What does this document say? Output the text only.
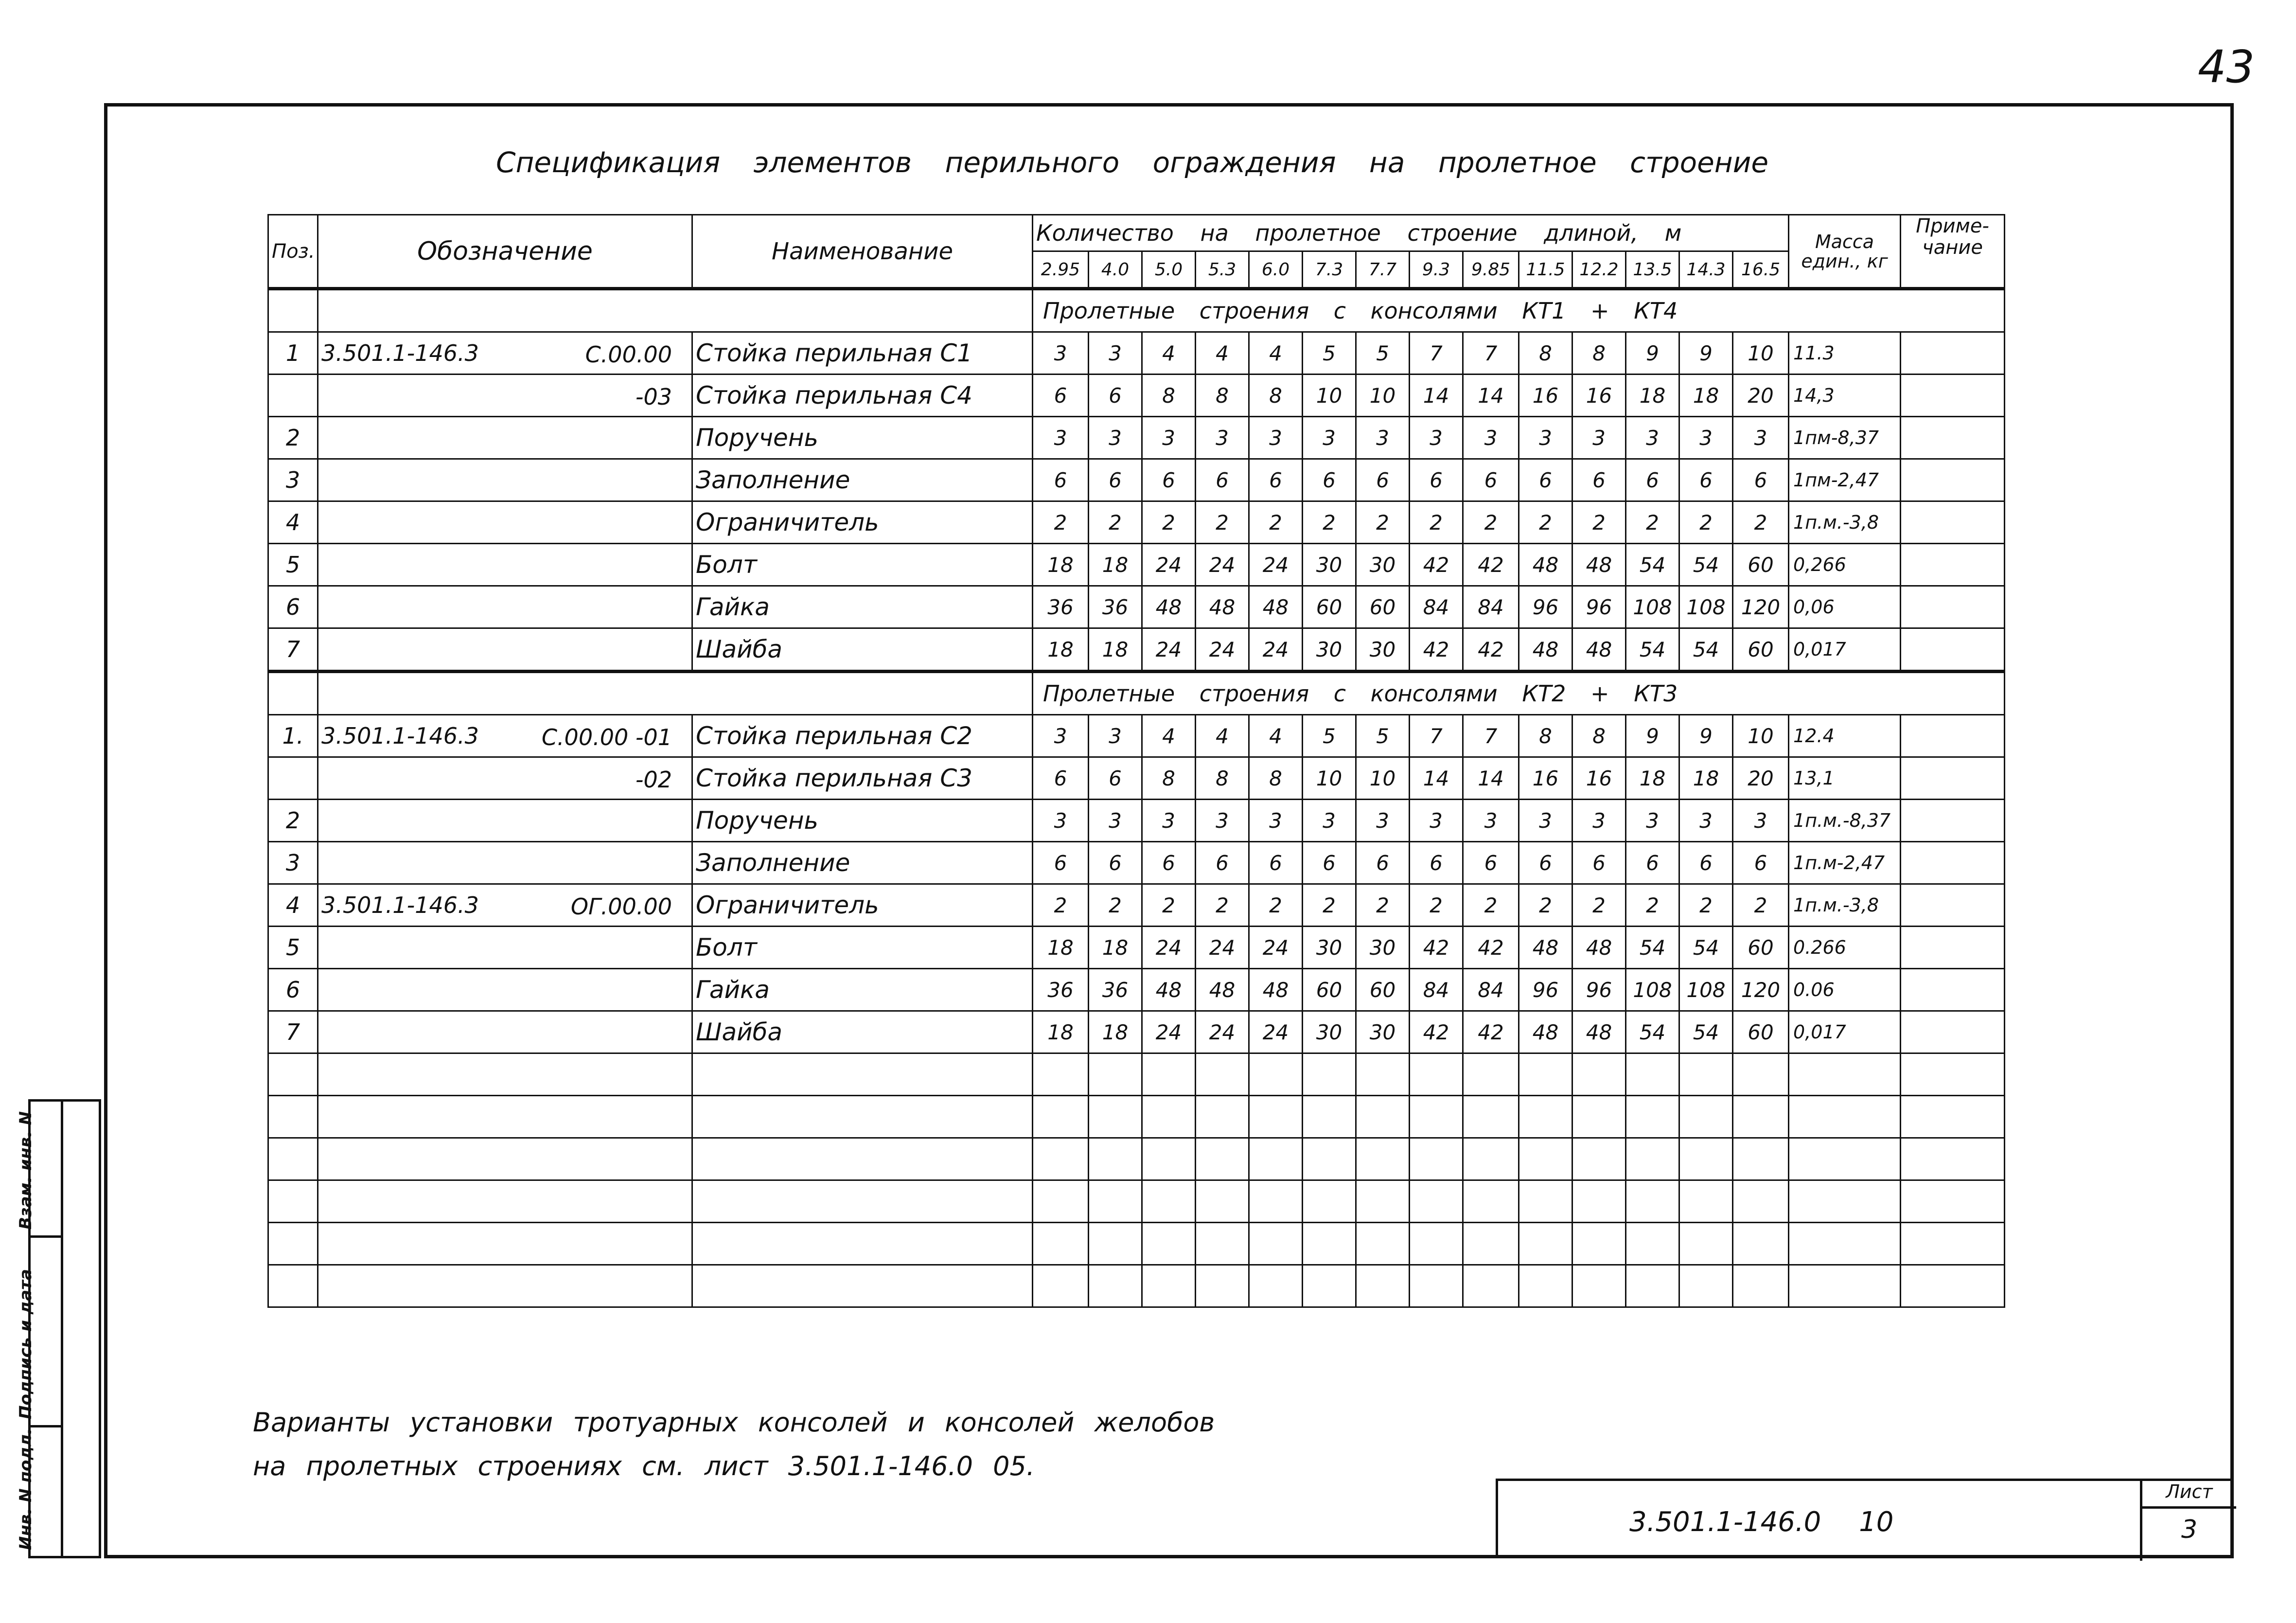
43
Спецификация элементов перильного ограждения на пролетное строение
Поз.	Обозначение	Наименование	Количество на пролетное строение длиной, м														Масса един., кг	Приме- чание
			2.95	4.0	5.0	5.3	6.0	7.3	7.7	9.3	9.85	11.5	12.2	13.5	14.3	16.5		
			Пролетные строения с консолями КТ1 + КТ4															
1	3.501.1-146.3 С.00.00	Стойка перильная С1	3	3	4	4	4	5	5	7	7	8	8	9	9	10	11.3	

	-03	Стойка перильная С4	6	6	8	8	8	10	10	14	14	16	16	18	18	20	14,3	
2		Поручень	3	3	3	3	3	3	3	3	3	3	3	3	3	3	1пм-8,37	
3		Заполнение	6	6	6	6	6	6	6	6	6	6	6	6	6	6	1пм-2,47	
4		Ограничитель	2	2	2	2	2	2	2	2	2	2	2	2	2	2	1п.м.-3,8	
5		Болт	18	18	24	24	24	30	30	42	42	48	48	54	54	60	0,266	
6		Гайка	36	36	48	48	48	60	60	84	84	96	96	108	108	120	0,06	
7		Шайба	18	18	24	24	24	30	30	42	42	48	48	54	54	60	0,017	
			Пролетные строения с консолями КТ2 + КТ3															
1.	3.501.1-146.3 С.00.00 -01	Стойка перильная С2	3	3	4	4	4	5	5	7	7	8	8	9	9	10	12.4	

	-02	Стойка перильная С3	6	6	8	8	8	10	10	14	14	16	16	18	18	20	13,1	
2		Поручень	3	3	3	3	3	3	3	3	3	3	3	3	3	3	1п.м.-8,37	
3		Заполнение	6	6	6	6	6	6	6	6	6	6	6	6	6	6	1п.м-2,47	
4	3.501.1-146.3 ОГ.00.00	Ограничитель	2	2	2	2	2	2	2	2	2	2	2	2	2	2	1п.м.-3,8	
5		Болт	18	18	24	24	24	30	30	42	42	48	48	54	54	60	0.266	
6		Гайка	36	36	48	48	48	60	60	84	84	96	96	108	108	120	0.06	
7		Шайба	18	18	24	24	24	30	30	42	42	48	48	54	54	60	0,017	

Варианты установки тротуарных консолей и консолей желобов
на пролетных строениях см. лист 3.501.1-146.0 05.
3.501.1-146.0 10
Лист
3
Взам. инв. N
Подпись и дата
Инв. N подл.
